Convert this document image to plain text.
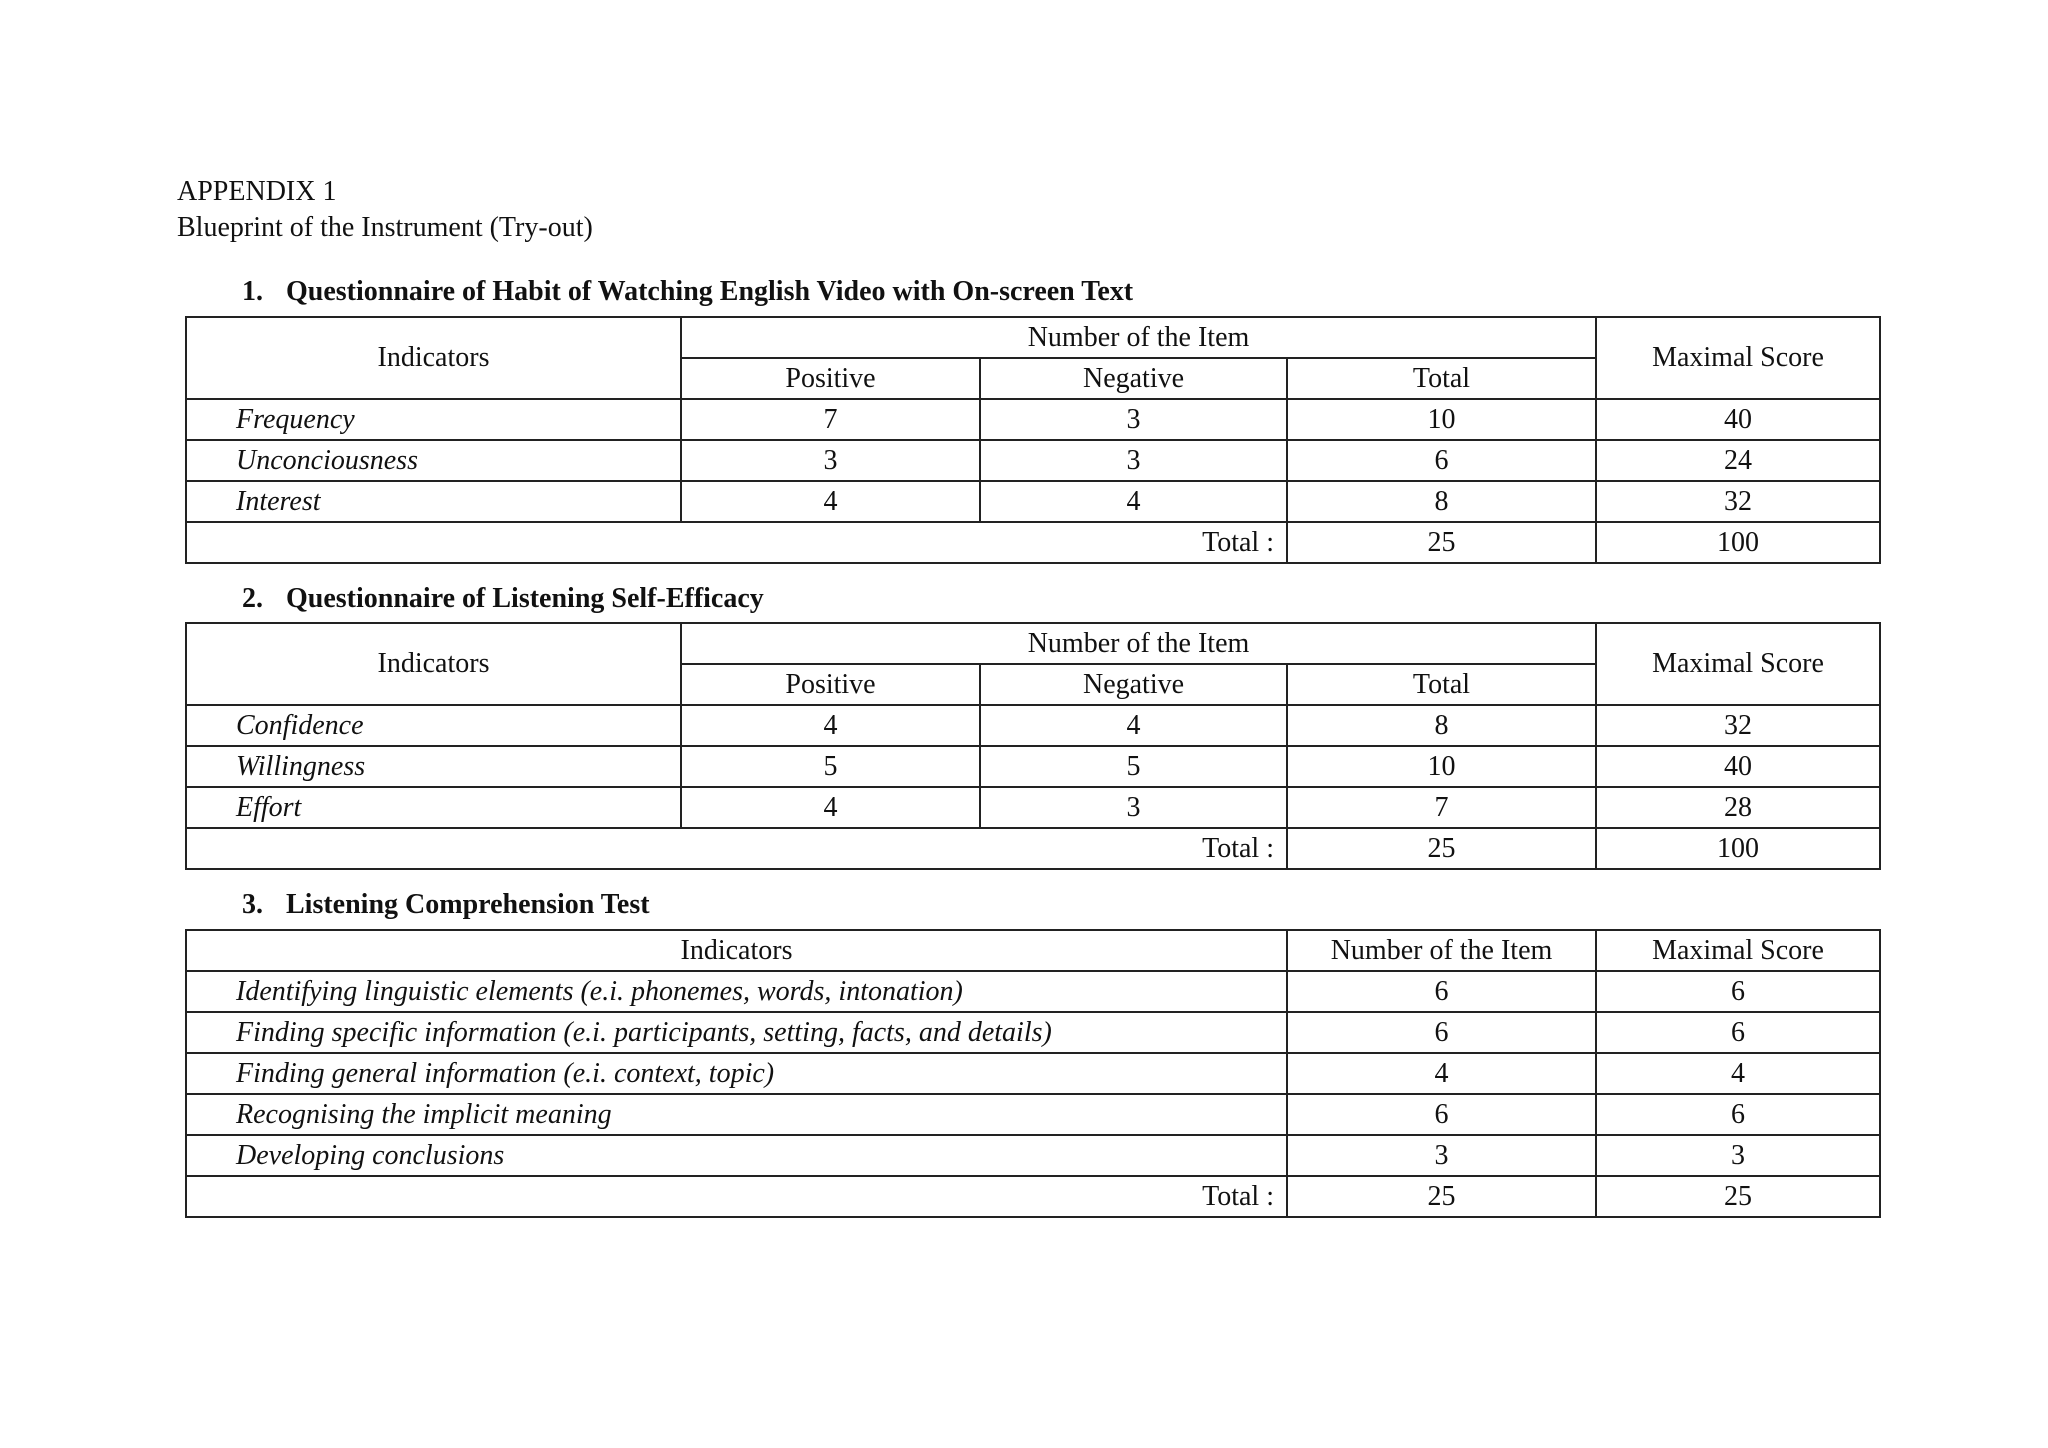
APPENDIX 1
Blueprint of the Instrument (Try-out)
1. Questionnaire of Habit of Watching English Video with On-screen Text
Indicators	Number of the Item			Maximal Score
	Positive	Negative	Total	
Frequency	7	3	10	40
Unconciousness	3	3	6	24
Interest	4	4	8	32
Total :			25	100
2. Questionnaire of Listening Self-Efficacy
Indicators	Number of the Item			Maximal Score
	Positive	Negative	Total	
Confidence	4	4	8	32
Willingness	5	5	10	40
Effort	4	3	7	28
Total :			25	100
3. Listening Comprehension Test
Indicators	Number of the Item	Maximal Score
Identifying linguistic elements (e.i. phonemes, words, intonation)	6	6
Finding specific information (e.i. participants, setting, facts, and details)	6	6
Finding general information (e.i. context, topic)	4	4
Recognising the implicit meaning	6	6
Developing conclusions	3	3
Total :	25	25
